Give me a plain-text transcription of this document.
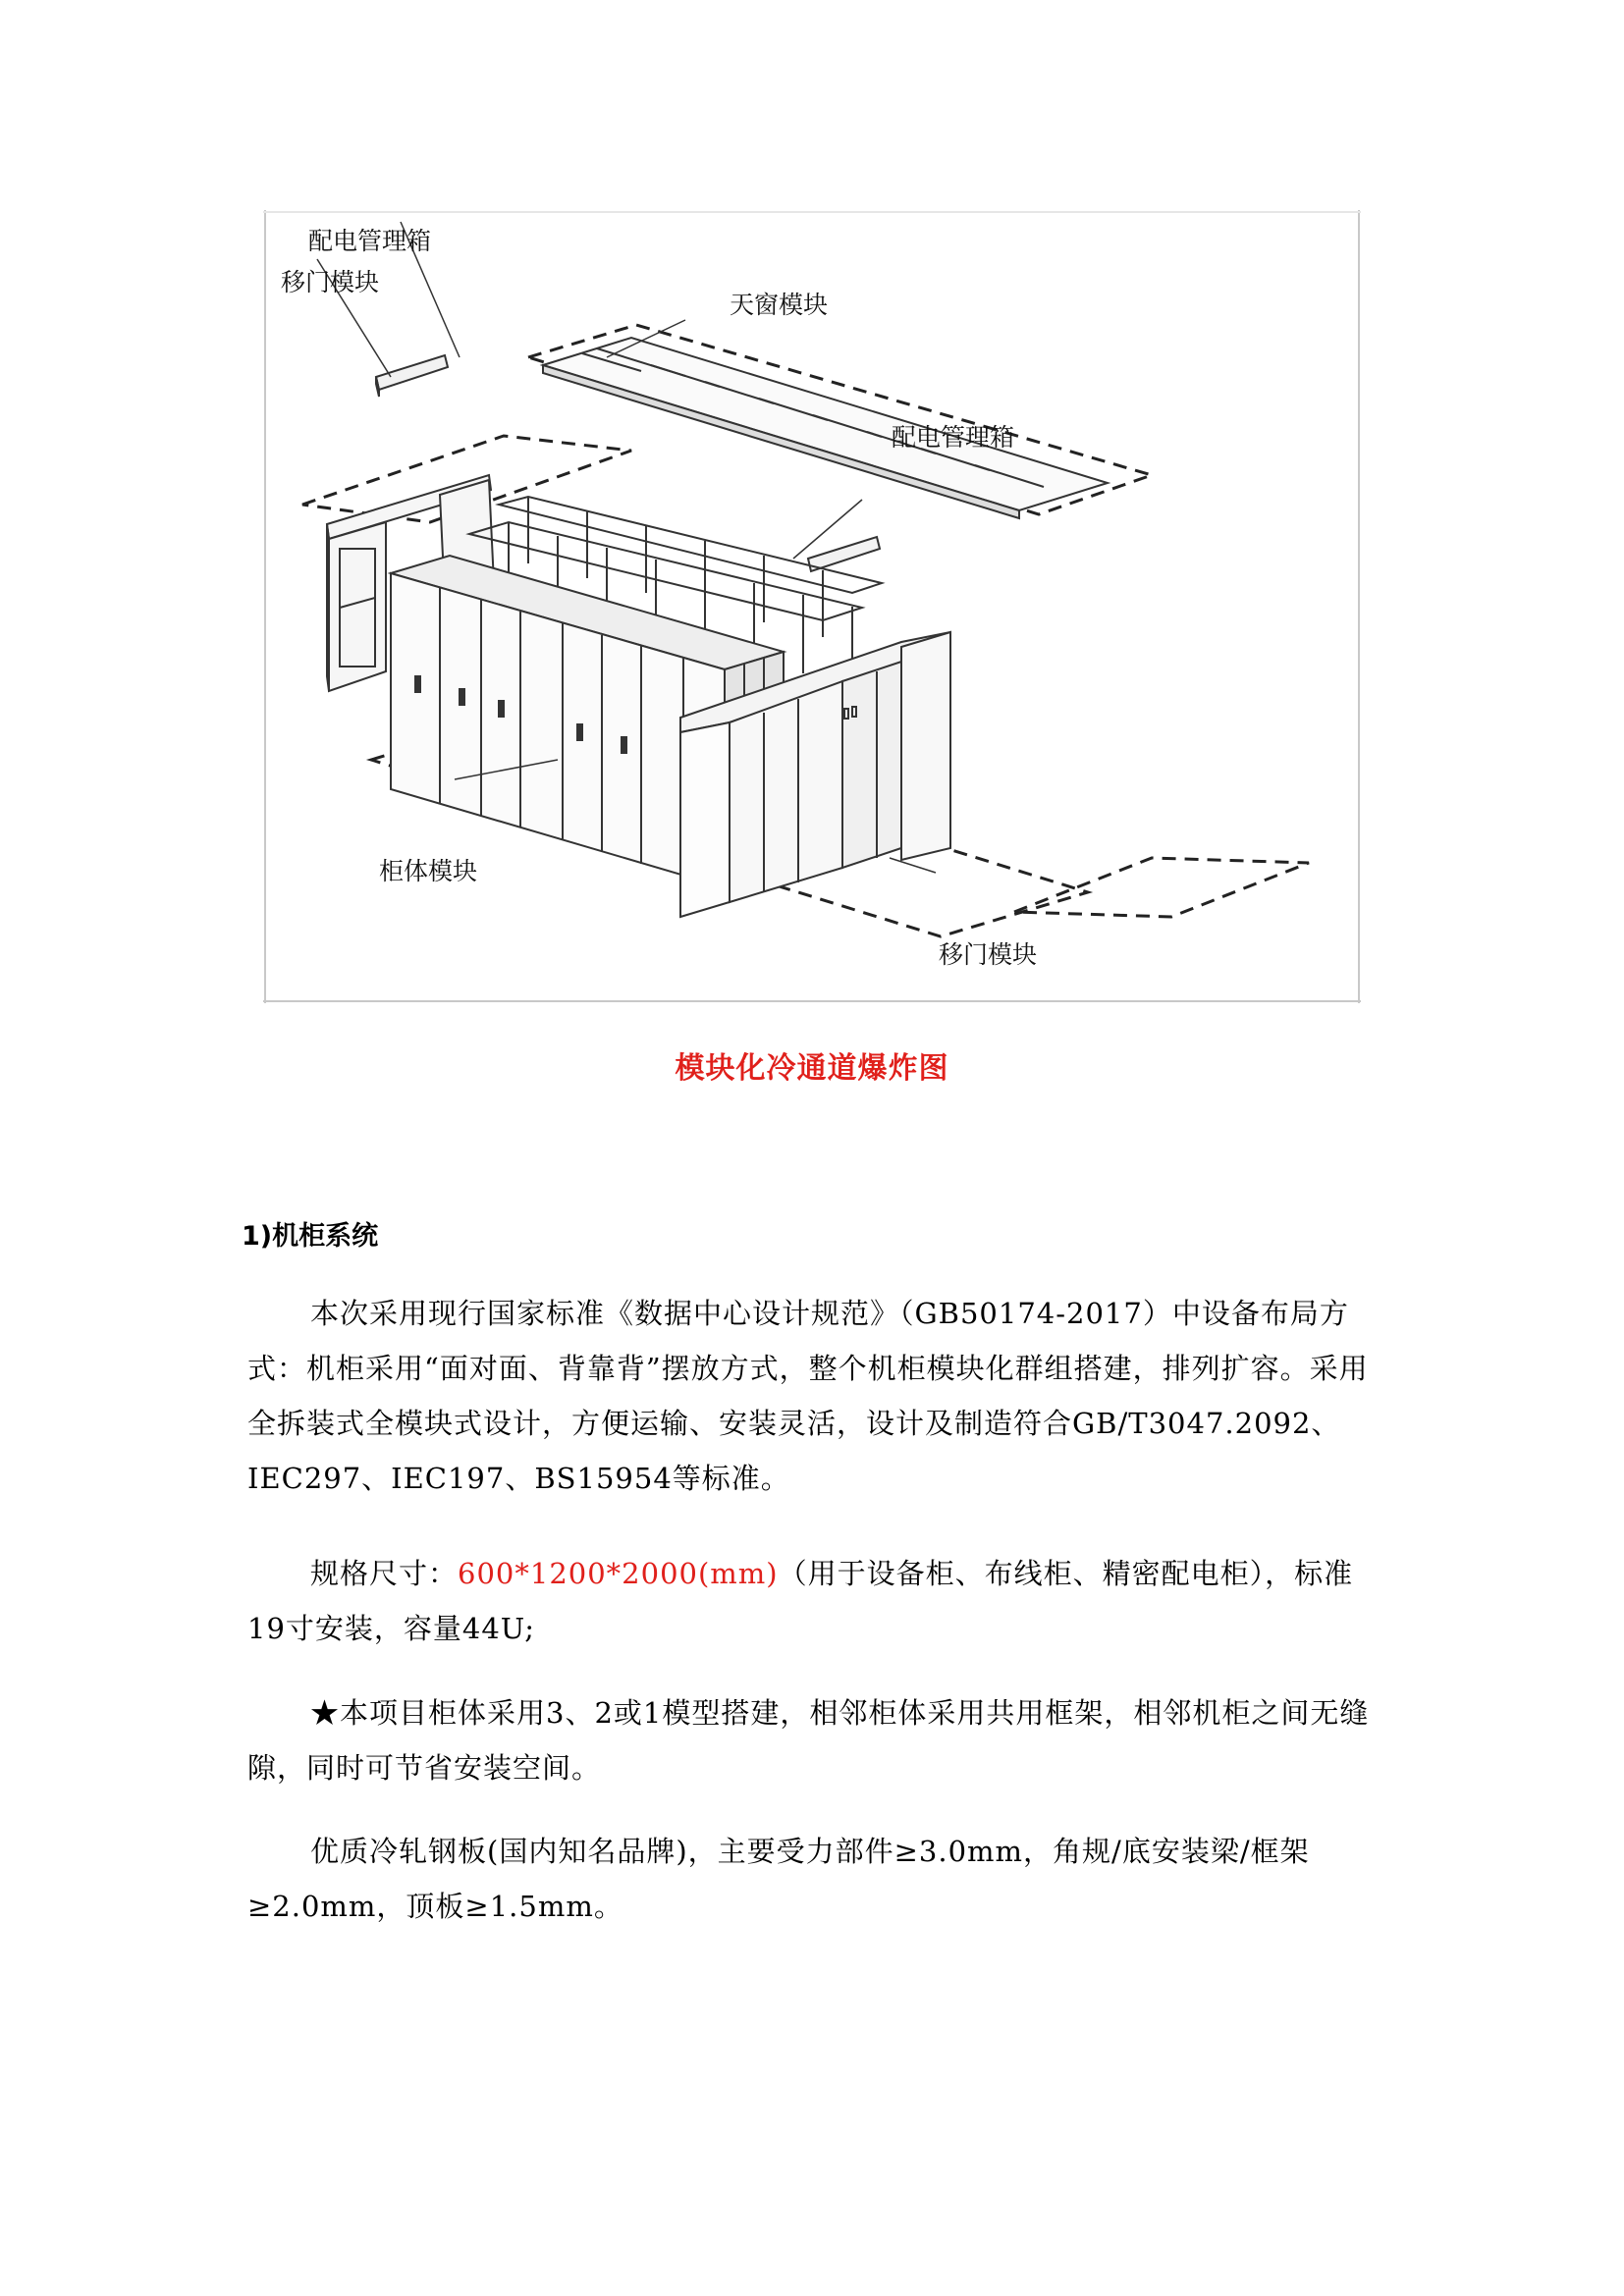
配电管理箱
移门模块
天窗模块
配电管理箱
柜体模块
移门模块
模块化冷通道爆炸图
1)机柜系统

本次采用现行国家标准《数据中心设计规范》（GB50174-2017）中设备布局方式：机柜采用“面对面、背靠背”摆放方式，整个机柜模块化群组搭建，排列扩容。采用全拆装式全模块式设计，方便运输、安装灵活，设计及制造符合GB/T3047.2092、IEC297、IEC197、BS15954等标准。

规格尺寸：600*1200*2000(mm)（用于设备柜、布线柜、精密配电柜），标准19寸安装，容量44U;

★本项目柜体采用3、2或1模型搭建，相邻柜体采用共用框架，相邻机柜之间无缝隙，同时可节省安装空间。

优质冷轧钢板(国内知名品牌)，主要受力部件≥3.0mm，角规/底安装梁/框架≥2.0mm，顶板≥1.5mm。
